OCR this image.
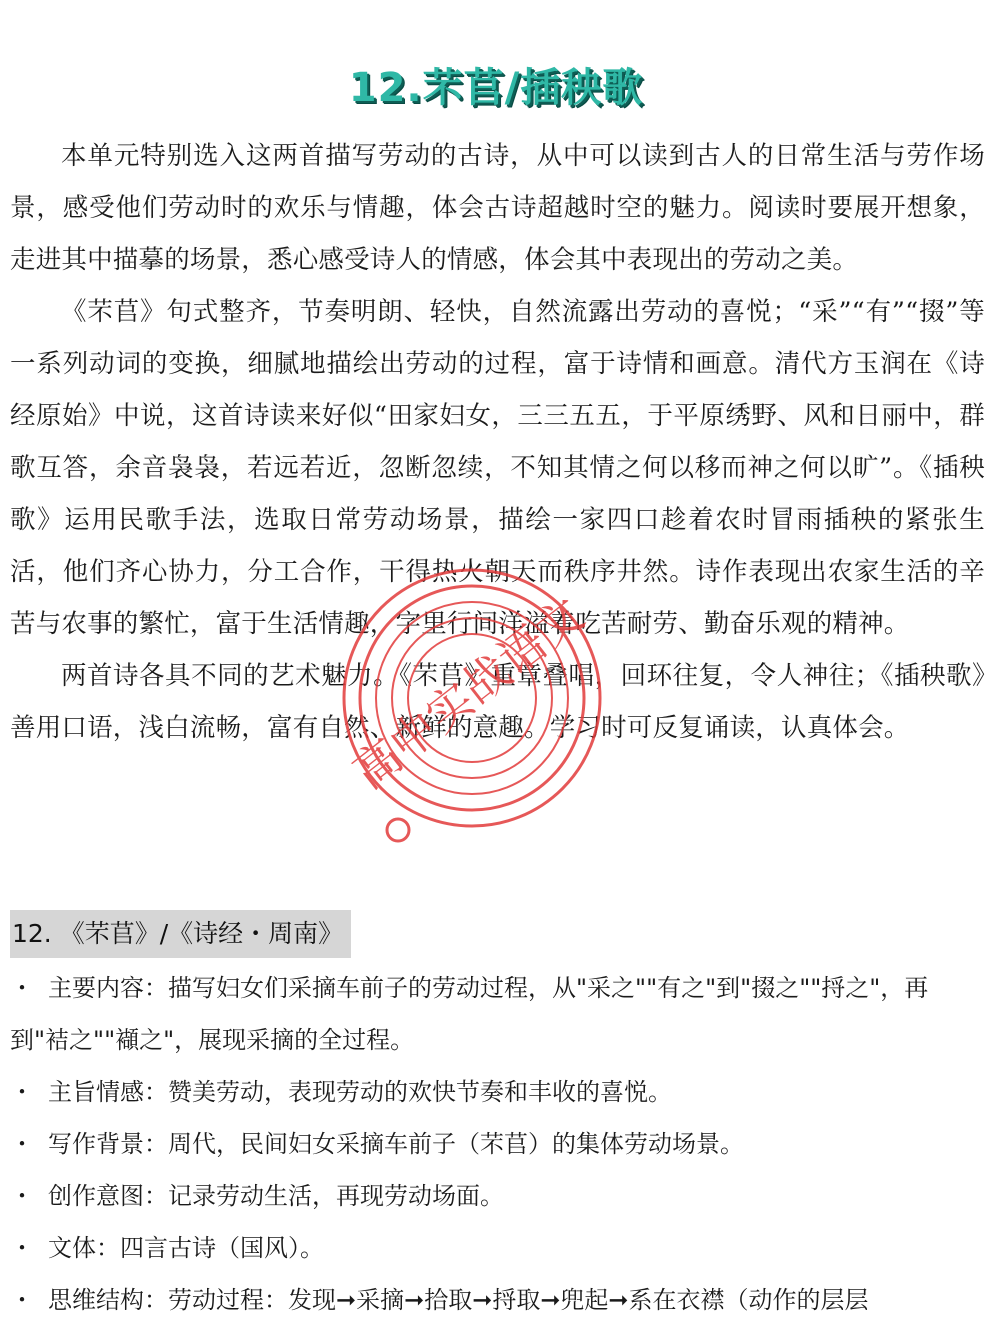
12.芣苢/插秧歌

本单元特别选入这两首描写劳动的古诗，从中可以读到古人的日常生活与劳作场景，感受他们劳动时的欢乐与情趣，体会古诗超越时空的魅力。阅读时要展开想象，走进其中描摹的场景，悉心感受诗人的情感，体会其中表现出的劳动之美。

《芣苢》句式整齐，节奏明朗、轻快，自然流露出劳动的喜悦；“采”“有”“掇”等一系列动词的变换，细腻地描绘出劳动的过程，富于诗情和画意。清代方玉润在《诗经原始》中说，这首诗读来好似“田家妇女，三三五五，于平原绣野、风和日丽中，群歌互答，余音袅袅，若远若近，忽断忽续，不知其情之何以移而神之何以旷”。《插秧歌》运用民歌手法，选取日常劳动场景，描绘一家四口趁着农时冒雨插秧的紧张生活，他们齐心协力，分工合作，干得热火朝天而秩序井然。诗作表现出农家生活的辛苦与农事的繁忙，富于生活情趣，字里行间洋溢着吃苦耐劳、勤奋乐观的精神。

两首诗各具不同的艺术魅力。《芣苢》重章叠唱，回环往复，令人神往；《插秧歌》善用口语，浅白流畅，富有自然、新鲜的意趣。学习时可反复诵读，认真体会。

12. 《芣苢》/《诗经・周南》

・ 主要内容：描写妇女们采摘车前子的劳动过程，从"采之""有之"到"掇之""捋之"，再到"袺之""襭之"，展现采摘的全过程。

・ 主旨情感：赞美劳动，表现劳动的欢快节奏和丰收的喜悦。

・ 写作背景：周代，民间妇女采摘车前子（芣苢）的集体劳动场景。

・ 创作意图：记录劳动生活，再现劳动场面。

・ 文体：四言古诗（国风）。

・ 思维结构：劳动过程：发现➞采摘➞拾取➞捋取➞兜起➞系在衣襟（动作的层层

高中实战语文
